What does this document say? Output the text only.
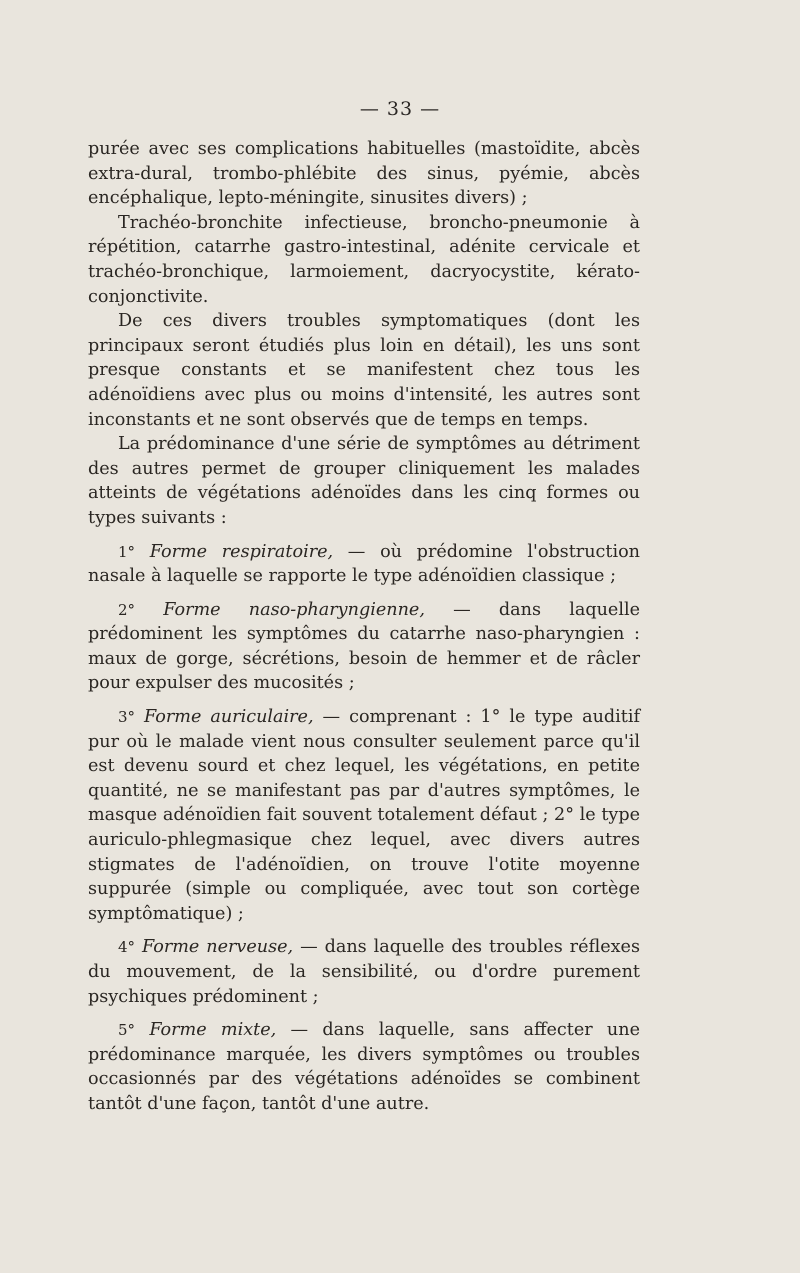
— 33 —

purée avec ses complications habituelles (mastoïdite, abcès extra-dural, trombo-phlébite des sinus, pyémie, abcès encéphalique, lepto-méningite, sinusites divers) ;

Trachéo-bronchite infectieuse, broncho-pneumonie à répétition, catarrhe gastro-intestinal, adénite cervicale et trachéo-bronchique, larmoiement, dacryocystite, kérato-conjonctivite.

De ces divers troubles symptomatiques (dont les principaux seront étudiés plus loin en détail), les uns sont presque constants et se manifestent chez tous les adénoïdiens avec plus ou moins d'intensité, les autres sont inconstants et ne sont observés que de temps en temps.

La prédominance d'une série de symptômes au détriment des autres permet de grouper cliniquement les malades atteints de végétations adénoïdes dans les cinq formes ou types suivants :

1° Forme respiratoire, — où prédomine l'obstruction nasale à laquelle se rapporte le type adénoïdien classique ;

2° Forme naso-pharyngienne, — dans laquelle prédominent les symptômes du catarrhe naso-pharyngien : maux de gorge, sécrétions, besoin de hemmer et de râcler pour expulser des mucosités ;

3° Forme auriculaire, — comprenant : 1° le type auditif pur où le malade vient nous consulter seulement parce qu'il est devenu sourd et chez lequel, les végétations, en petite quantité, ne se manifestant pas par d'autres symptômes, le masque adénoïdien fait souvent totalement défaut ; 2° le type auriculo-phlegmasique chez lequel, avec divers autres stigmates de l'adénoïdien, on trouve l'otite moyenne suppurée (simple ou compliquée, avec tout son cortège symptômatique) ;

4° Forme nerveuse, — dans laquelle des troubles réflexes du mouvement, de la sensibilité, ou d'ordre purement psychiques prédominent ;

5° Forme mixte, — dans laquelle, sans affecter une prédominance marquée, les divers symptômes ou troubles occasionnés par des végétations adénoïdes se combinent tantôt d'une façon, tantôt d'une autre.
